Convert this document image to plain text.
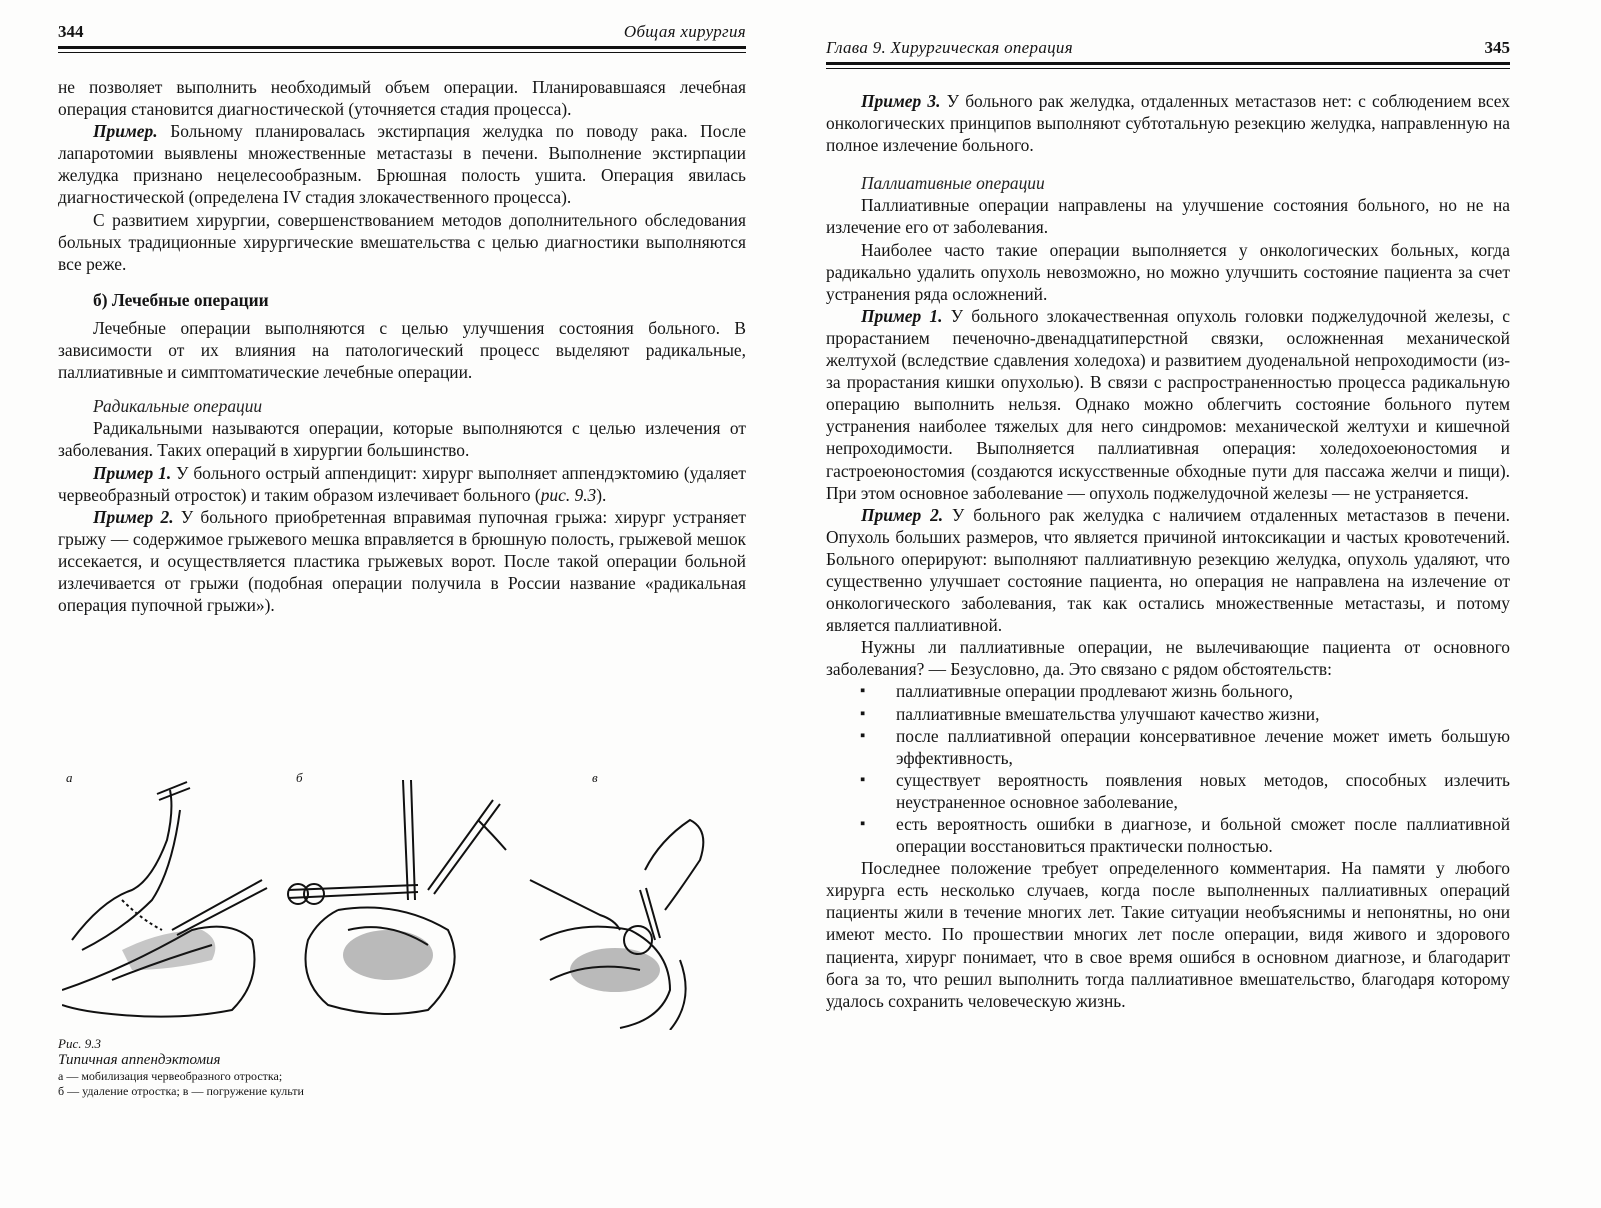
344	Общая хирургия

не позволяет выполнить необходимый объем операции. Планировавшаяся лечебная операция становится диагностической (уточняется стадия процесса).

Пример. Больному планировалась экстирпация желудка по поводу рака. После лапаротомии выявлены множественные метастазы в печени. Выполнение экстирпации желудка признано нецелесообразным. Брюшная полость ушита. Операция явилась диагностической (определена IV стадия злокачественного процесса).

С развитием хирургии, совершенствованием методов дополнительного обследования больных традиционные хирургические вмешательства с целью диагностики выполняются все реже.

б) Лечебные операции

Лечебные операции выполняются с целью улучшения состояния больного. В зависимости от их влияния на патологический процесс выделяют радикальные, паллиативные и симптоматические лечебные операции.

Радикальные операции

Радикальными называются операции, которые выполняются с целью излечения от заболевания. Таких операций в хирургии большинство.

Пример 1. У больного острый аппендицит: хирург выполняет аппендэктомию (удаляет червеобразный отросток) и таким образом излечивает больного (рис. 9.3).

Пример 2. У больного приобретенная вправимая пупочная грыжа: хирург устраняет грыжу — содержимое грыжевого мешка вправляется в брюшную полость, грыжевой мешок иссекается, и осуществляется пластика грыжевых ворот. После такой операции больной излечивается от грыжи (подобная операции получила в России название «радикальная операция пупочной грыжи»).

а	б	в
Рис. 9.3
Типичная аппендэктомия
а — мобилизация червеобразного отростка;
б — удаление отростка; в — погружение культи
Глава 9. Хирургическая операция	345

Пример 3. У больного рак желудка, отдаленных метастазов нет: с соблюдением всех онкологических принципов выполняют субтотальную резекцию желудка, направленную на полное излечение больного.

Паллиативные операции

Паллиативные операции направлены на улучшение состояния больного, но не на излечение его от заболевания.

Наиболее часто такие операции выполняется у онкологических больных, когда радикально удалить опухоль невозможно, но можно улучшить состояние пациента за счет устранения ряда осложнений.

Пример 1. У больного злокачественная опухоль головки поджелудочной железы, с прорастанием печеночно-двенадцатиперстной связки, осложненная механической желтухой (вследствие сдавления холедоха) и развитием дуоденальной непроходимости (из-за прорастания кишки опухолью). В связи с распространенностью процесса радикальную операцию выполнить нельзя. Однако можно облегчить состояние больного путем устранения наиболее тяжелых для него синдромов: механической желтухи и кишечной непроходимости. Выполняется паллиативная операция: холедохоеюностомия и гастроеюностомия (создаются искусственные обходные пути для пассажа желчи и пищи). При этом основное заболевание — опухоль поджелудочной железы — не устраняется.

Пример 2. У больного рак желудка с наличием отдаленных метастазов в печени. Опухоль больших размеров, что является причиной интоксикации и частых кровотечений. Больного оперируют: выполняют паллиативную резекцию желудка, опухоль удаляют, что существенно улучшает состояние пациента, но операция не направлена на излечение от онкологического заболевания, так как остались множественные метастазы, и потому является паллиативной.

Нужны ли паллиативные операции, не вылечивающие пациента от основного заболевания? — Безусловно, да. Это связано с рядом обстоятельств:

▪ паллиативные операции продлевают жизнь больного,
▪ паллиативные вмешательства улучшают качество жизни,
▪ после паллиативной операции консервативное лечение может иметь большую эффективность,
▪ существует вероятность появления новых методов, способных излечить неустраненное основное заболевание,
▪ есть вероятность ошибки в диагнозе, и больной сможет после паллиативной операции восстановиться практически полностью.

Последнее положение требует определенного комментария. На памяти у любого хирурга есть несколько случаев, когда после выполненных паллиативных операций пациенты жили в течение многих лет. Такие ситуации необъяснимы и непонятны, но они имеют место. По прошествии многих лет после операции, видя живого и здорового пациента, хирург понимает, что в свое время ошибся в основном диагнозе, и благодарит бога за то, что решил выполнить тогда паллиативное вмешательство, благодаря которому удалось сохранить человеческую жизнь.
